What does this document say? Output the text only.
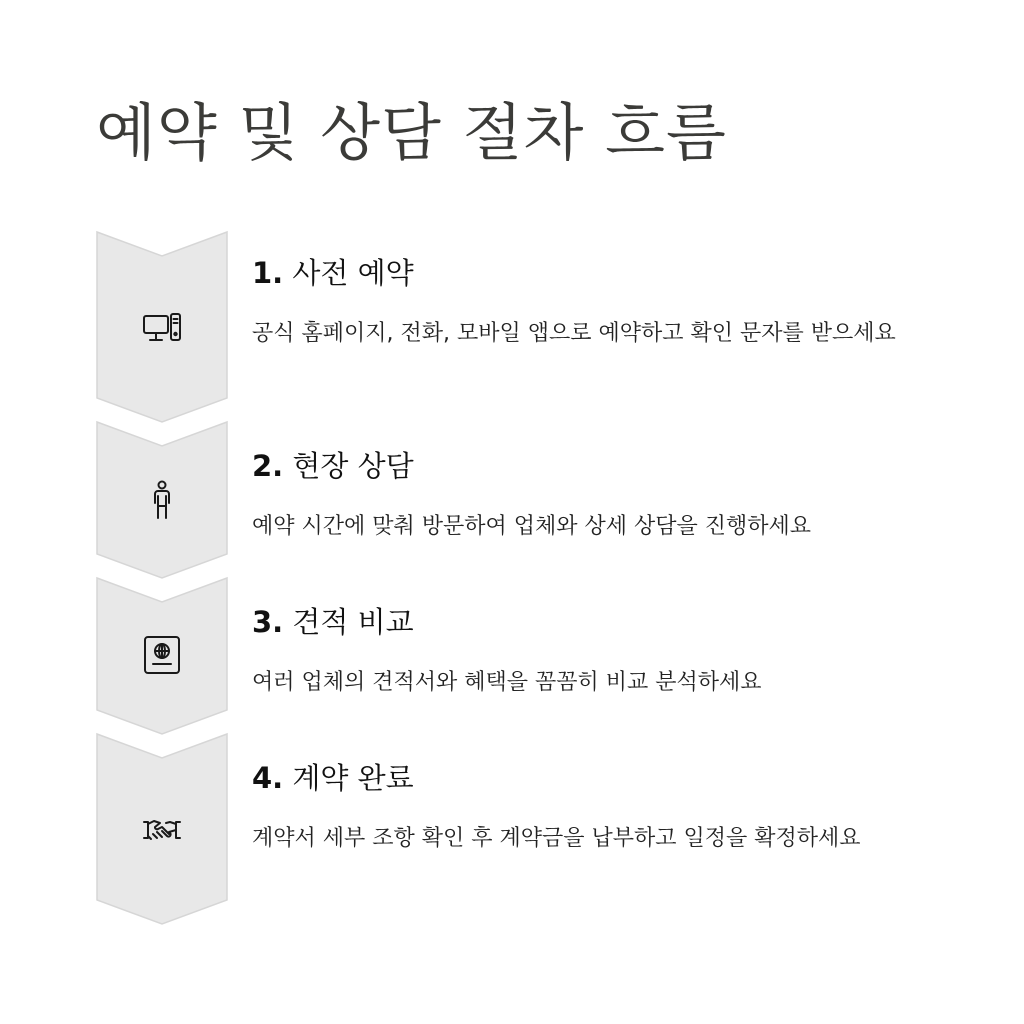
예약 및 상담 절차 흐름
1. 사전 예약

공식 홈페이지, 전화, 모바일 앱으로 예약하고 확인 문자를 받으세요

2. 현장 상담

예약 시간에 맞춰 방문하여 업체와 상세 상담을 진행하세요

3. 견적 비교

여러 업체의 견적서와 혜택을 꼼꼼히 비교 분석하세요

4. 계약 완료

계약서 세부 조항 확인 후 계약금을 납부하고 일정을 확정하세요
